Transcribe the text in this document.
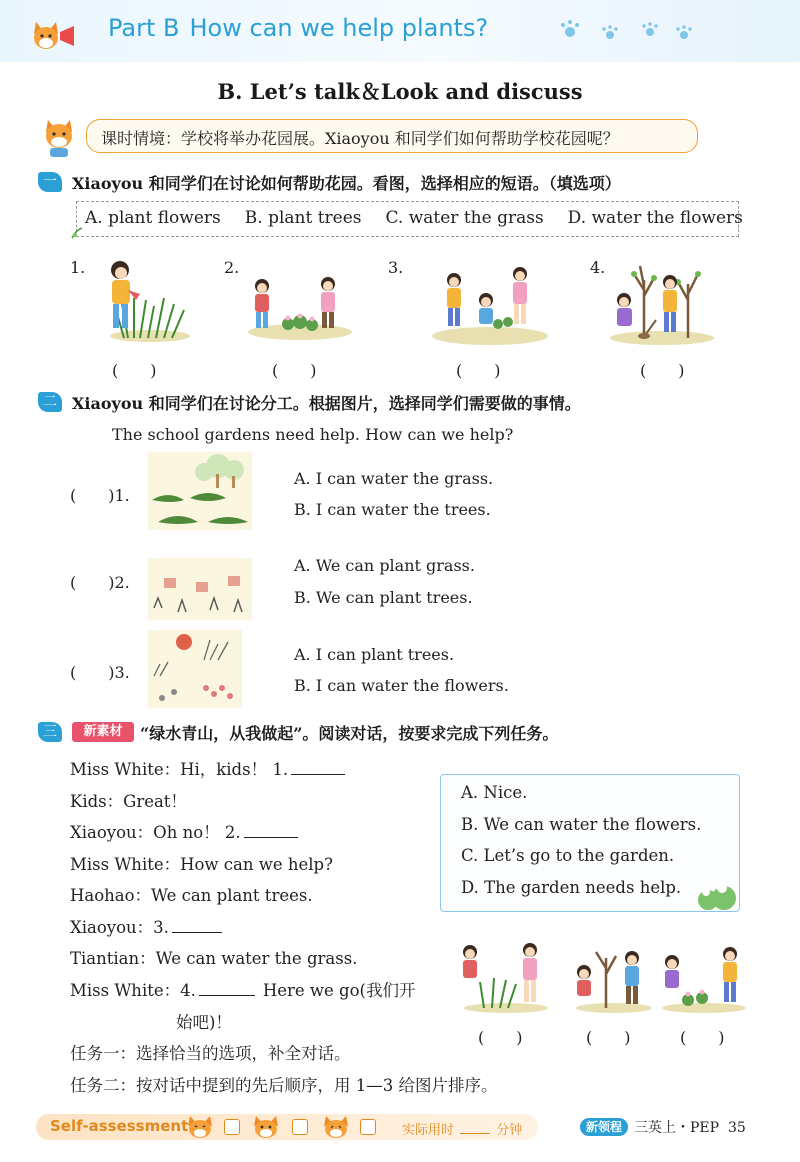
Part B How can we help plants?
B. Let’s talk＆Look and discuss
课时情境：学校将举办花园展。Xiaoyou 和同学们如何帮助学校花园呢？
一 Xiaoyou 和同学们在讨论如何帮助花园。看图，选择相应的短语。（填选项）
A. plant flowers B. plant trees C. water the grass D. water the flowers
1.	2.	3.	4.
(　　)	(　　)	(　　)	(　　)
二 Xiaoyou 和同学们在讨论分工。根据图片，选择同学们需要做的事情。
The school gardens need help. How can we help?
(　　)1.
A. I can water the grass.
B. I can water the trees.
(　　)2.
A. We can plant grass.
B. We can plant trees.
(　　)3.
A. I can plant trees.
B. I can water the flowers.
三	新素材	“绿水青山，从我做起”。阅读对话，按要求完成下列任务。
Miss White：Hi，kids！ 1.
Kids：Great！
Xiaoyou：Oh no！ 2.
Miss White：How can we help?
Haohao：We can plant trees.
Xiaoyou：3.
Tiantian：We can water the grass.
Miss White：4.	Here we go(我们开
始吧)！
A. Nice.
B. We can water the flowers.
C. Let’s go to the garden.
D. The garden needs help.
(　　)	(　　)	(　　)
任务一：选择恰当的选项，补全对话。
任务二：按对话中提到的先后顺序，用 1—3 给图片排序。
Self-assessment	实际用时	分钟	新领程 三英上・PEP 35
